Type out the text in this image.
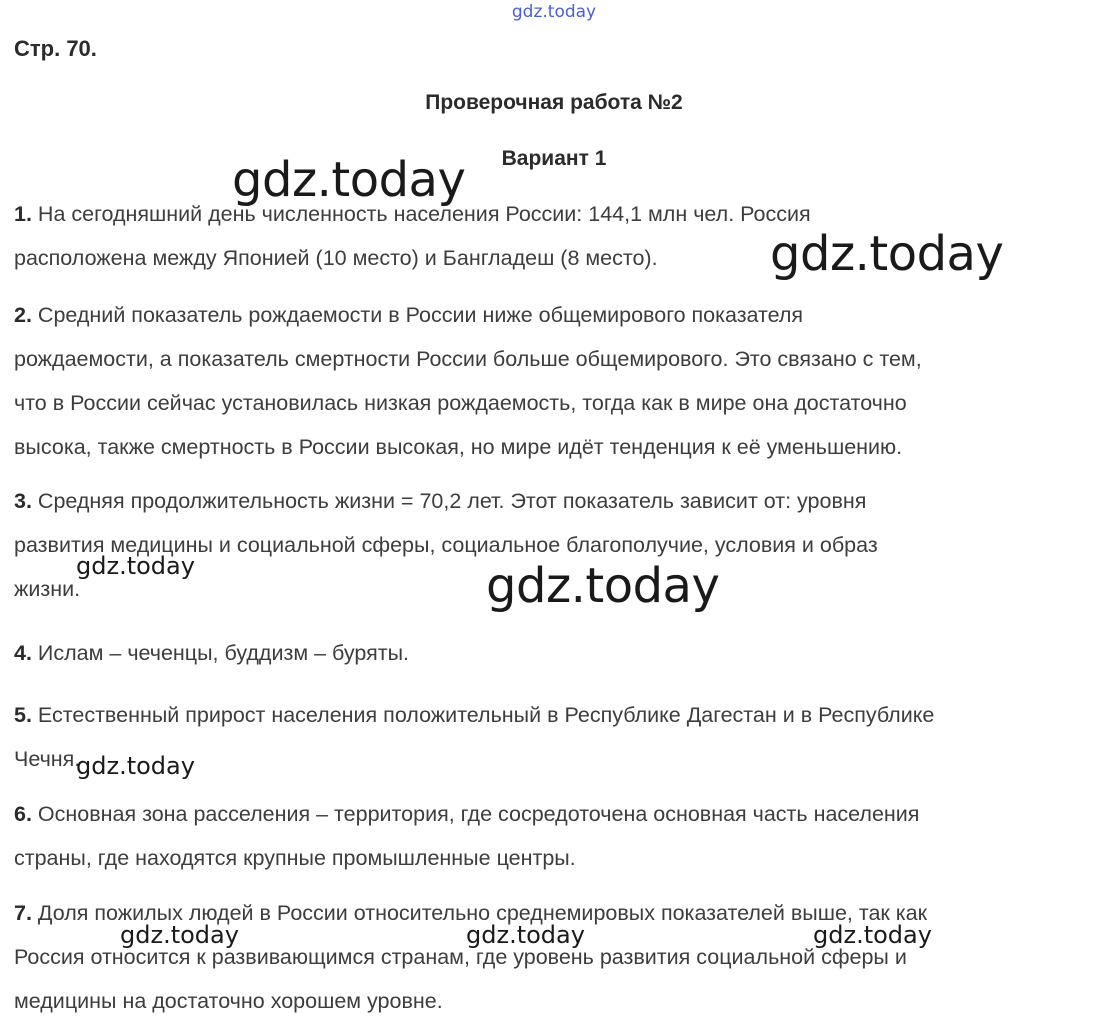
gdz.today
Стр. 70.
Проверочная работа №2
Вариант 1
1. На сегодняшний день численность населения России: 144,1 млн чел. Россия
расположена между Японией (10 место) и Бангладеш (8 место).
2. Средний показатель рождаемости в России ниже общемирового показателя
рождаемости, а показатель смертности России больше общемирового. Это связано с тем,
что в России сейчас установилась низкая рождаемость, тогда как в мире она достаточно
высока, также смертность в России высокая, но мире идёт тенденция к её уменьшению.
3. Средняя продолжительность жизни = 70,2 лет. Этот показатель зависит от: уровня
развития медицины и социальной сферы, социальное благополучие, условия и образ
жизни.
4. Ислам – чеченцы, буддизм – буряты.
5. Естественный прирост населения положительный в Республике Дагестан и в Республике
Чечня.
6. Основная зона расселения – территория, где сосредоточена основная часть населения
страны, где находятся крупные промышленные центры.
7. Доля пожилых людей в России относительно среднемировых показателей выше, так как
Россия относится к развивающимся странам, где уровень развития социальной сферы и
медицины на достаточно хорошем уровне.
gdz.today
gdz.today
gdz.today
gdz.today
gdz.today
gdz.today	gdz.today	gdz.today
